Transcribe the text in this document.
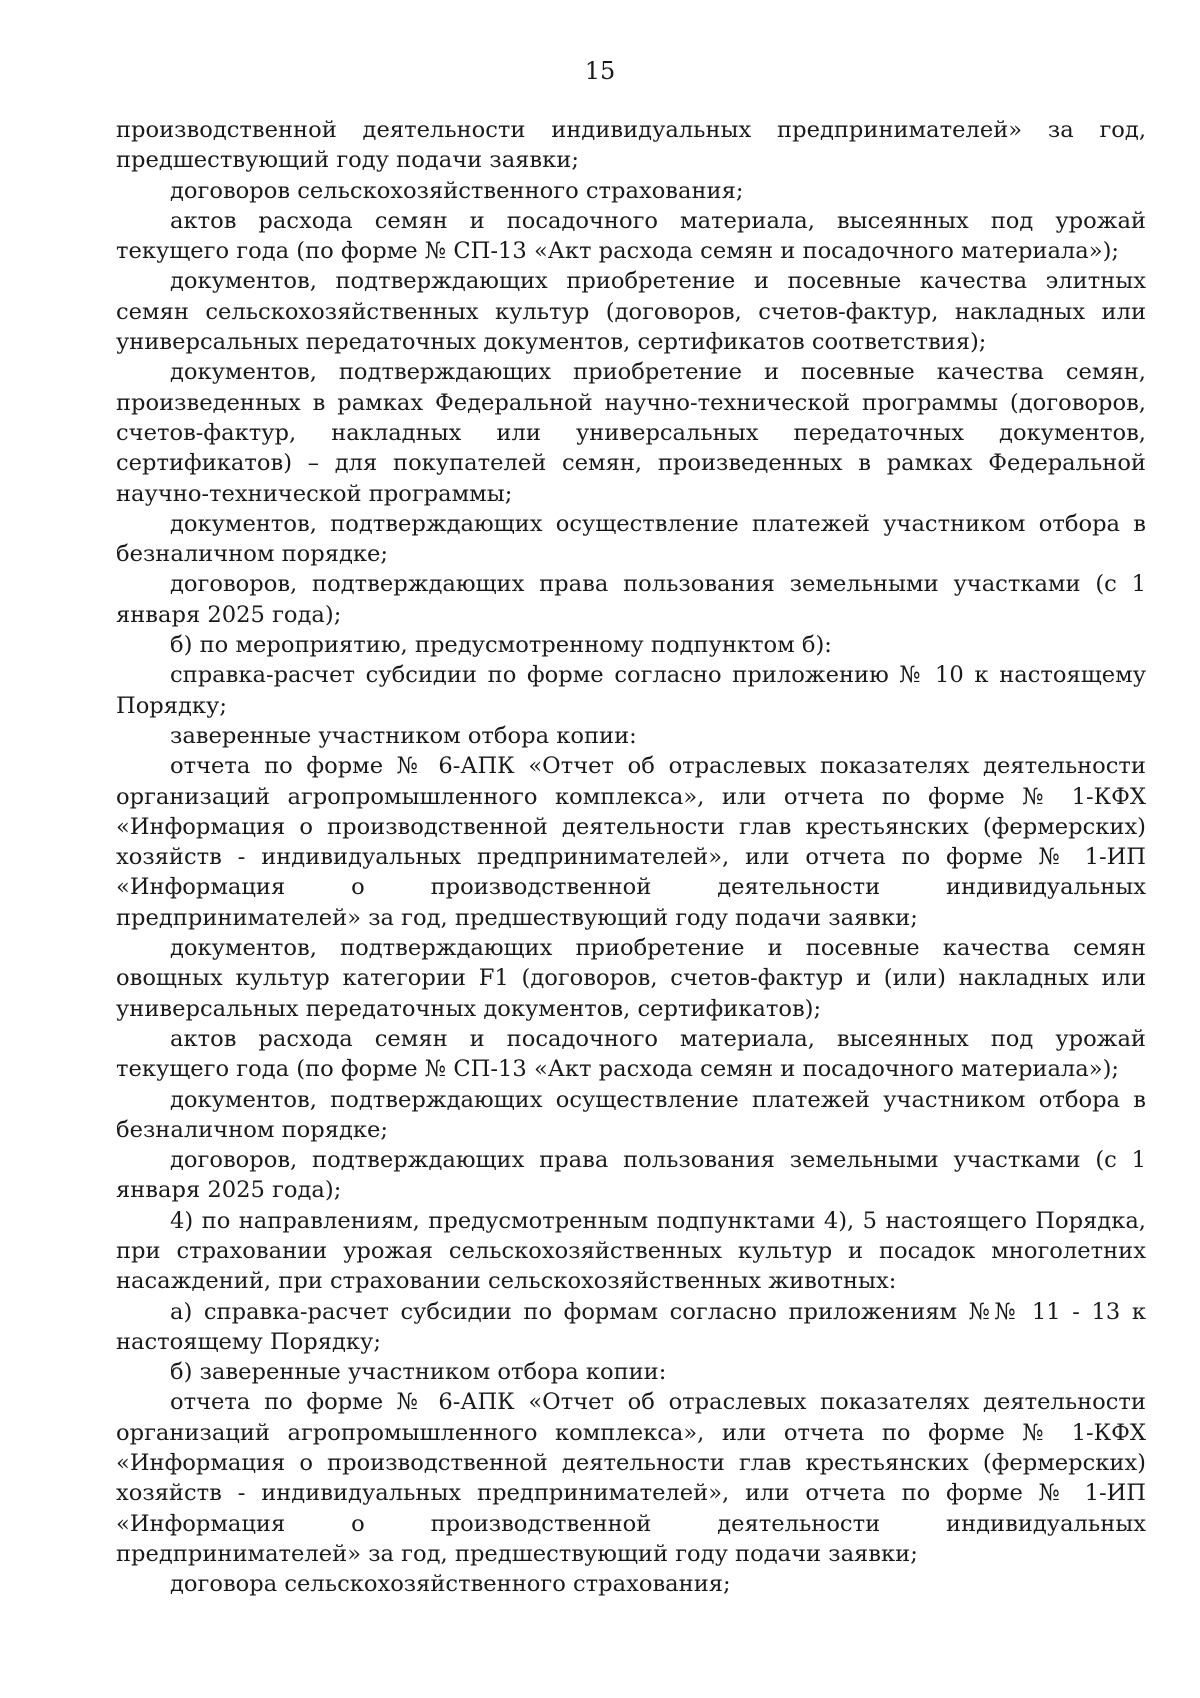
15

производственной деятельности индивидуальных предпринимателей» за год, предшествующий году подачи заявки;

договоров сельскохозяйственного страхования;

актов расхода семян и посадочного материала, высеянных под урожай текущего года (по форме № СП-13 «Акт расхода семян и посадочного материала»);

документов, подтверждающих приобретение и посевные качества элитных семян сельскохозяйственных культур (договоров, счетов-фактур, накладных или универсальных передаточных документов, сертификатов соответствия);

документов, подтверждающих приобретение и посевные качества семян, произведенных в рамках Федеральной научно-технической программы (договоров, счетов-фактур, накладных или универсальных передаточных документов, сертификатов) – для покупателей семян, произведенных в рамках Федеральной научно-технической программы;

документов, подтверждающих осуществление платежей участником отбора в безналичном порядке;

договоров, подтверждающих права пользования земельными участками (с 1 января 2025 года);

б) по мероприятию, предусмотренному подпунктом б):

справка-расчет субсидии по форме согласно приложению № 10 к настоящему Порядку;

заверенные участником отбора копии:

отчета по форме № 6-АПК «Отчет об отраслевых показателях деятельности организаций агропромышленного комплекса», или отчета по форме № 1-КФХ «Информация о производственной деятельности глав крестьянских (фермерских) хозяйств - индивидуальных предпринимателей», или отчета по форме № 1-ИП «Информация о производственной деятельности индивидуальных предпринимателей» за год, предшествующий году подачи заявки;

документов, подтверждающих приобретение и посевные качества семян овощных культур категории F1 (договоров, счетов-фактур и (или) накладных или универсальных передаточных документов, сертификатов);

актов расхода семян и посадочного материала, высеянных под урожай текущего года (по форме № СП-13 «Акт расхода семян и посадочного материала»);

документов, подтверждающих осуществление платежей участником отбора в безналичном порядке;

договоров, подтверждающих права пользования земельными участками (с 1 января 2025 года);

4) по направлениям, предусмотренным подпунктами 4), 5 настоящего Порядка, при страховании урожая сельскохозяйственных культур и посадок многолетних насаждений, при страховании сельскохозяйственных животных:

а) справка-расчет субсидии по формам согласно приложениям №№ 11 - 13 к настоящему Порядку;

б) заверенные участником отбора копии:

отчета по форме № 6-АПК «Отчет об отраслевых показателях деятельности организаций агропромышленного комплекса», или отчета по форме № 1-КФХ «Информация о производственной деятельности глав крестьянских (фермерских) хозяйств - индивидуальных предпринимателей», или отчета по форме № 1-ИП «Информация о производственной деятельности индивидуальных предпринимателей» за год, предшествующий году подачи заявки;

договора сельскохозяйственного страхования;
